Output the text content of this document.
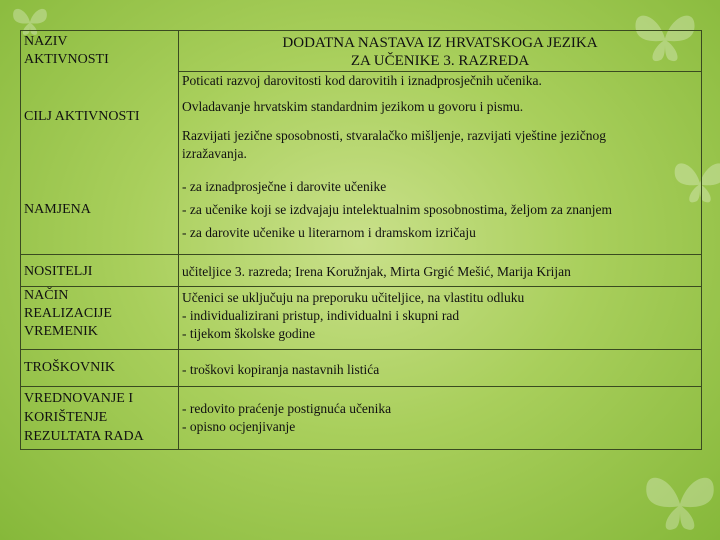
NAZIV
AKTIVNOSTI
DODATNA NASTAVA IZ HRVATSKOGA JEZIKA
ZA UČENIKE 3. RAZREDA
CILJ AKTIVNOSTI
Poticati razvoj darovitosti kod darovitih i iznadprosječnih učenika.
Ovladavanje hrvatskim standardnim jezikom u govoru i pismu.
Razvijati jezične sposobnosti, stvaralačko mišljenje, razvijati vještine jezičnog
izražavanja.
NAMJENA
- za iznadprosječne i darovite učenike
- za učenike koji se izdvajaju intelektualnim sposobnostima, željom za znanjem
- za darovite učenike u literarnom i dramskom izričaju
NOSITELJI	učiteljice 3. razreda; Irena Koružnjak, Mirta Grgić Mešić, Marija Krijan
NAČIN
REALIZACIJE
VREMENIK
Učenici se uključuju na preporuku učiteljice, na vlastitu odluku
- individualizirani pristup, individualni i skupni rad
- tijekom školske godine
TROŠKOVNIK	- troškovi kopiranja nastavnih listića
VREDNOVANJE I
KORIŠTENJE
REZULTATA RADA
- redovito praćenje postignuća učenika
- opisno ocjenjivanje
